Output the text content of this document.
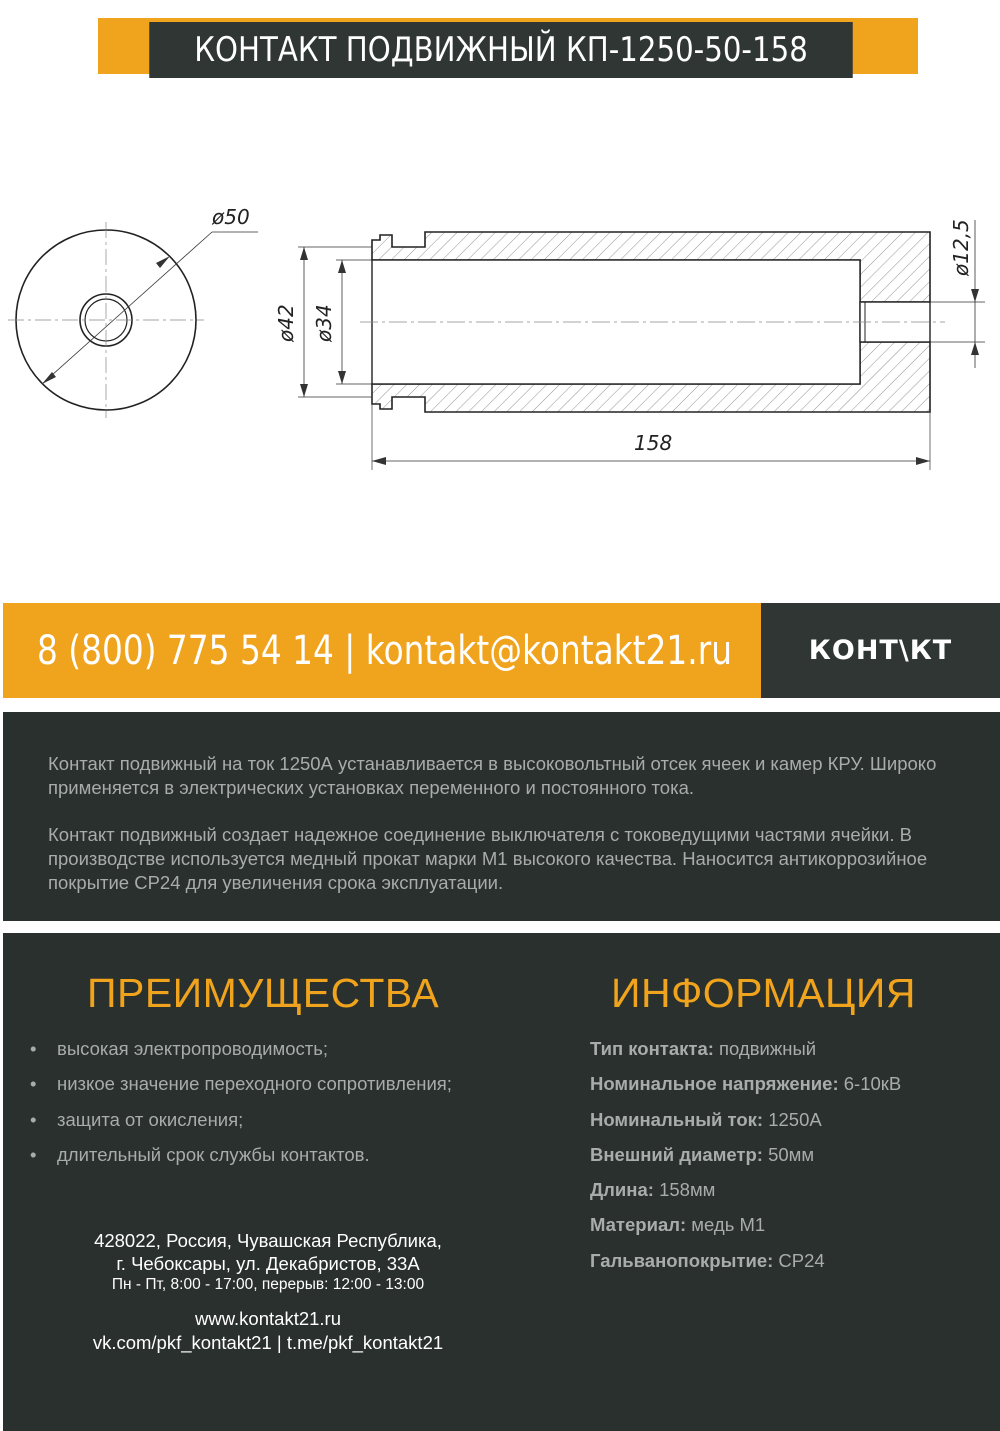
КОНТАКТ ПОДВИЖНЫЙ КП-1250-50-158
ø50
ø42 ø34
ø12,5
158
8 (800) 775 54 14 | kontakt@kontakt21.ru	КОНТ\КТ

Контакт подвижный на ток 1250А устанавливается в высоковольтный отсек ячеек и камер КРУ. Широко применяется в электрических установках переменного и постоянного тока.

Контакт подвижный создает надежное соединение выключателя с токоведущими частями ячейки. В производстве используется медный прокат марки М1 высокого качества. Наносится антикоррозийное покрытие СР24 для увеличения срока эксплуатации.

ПРЕИМУЩЕСТВА	ИНФОРМАЦИЯ
•	высокая электропроводимость;
•	низкое значение переходного сопротивления;
•	защита от окисления;
•	длительный срок службы контактов.
Тип контакта: подвижный
Номинальное напряжение: 6-10кВ
Номинальный ток: 1250А
Внешний диаметр: 50мм
Длина: 158мм
Материал: медь М1
Гальванопокрытие: СР24
428022, Россия, Чувашская Республика,
г. Чебоксары, ул. Декабристов, 33А
Пн - Пт, 8:00 - 17:00, перерыв: 12:00 - 13:00
www.kontakt21.ru
vk.com/pkf_kontakt21 | t.me/pkf_kontakt21
